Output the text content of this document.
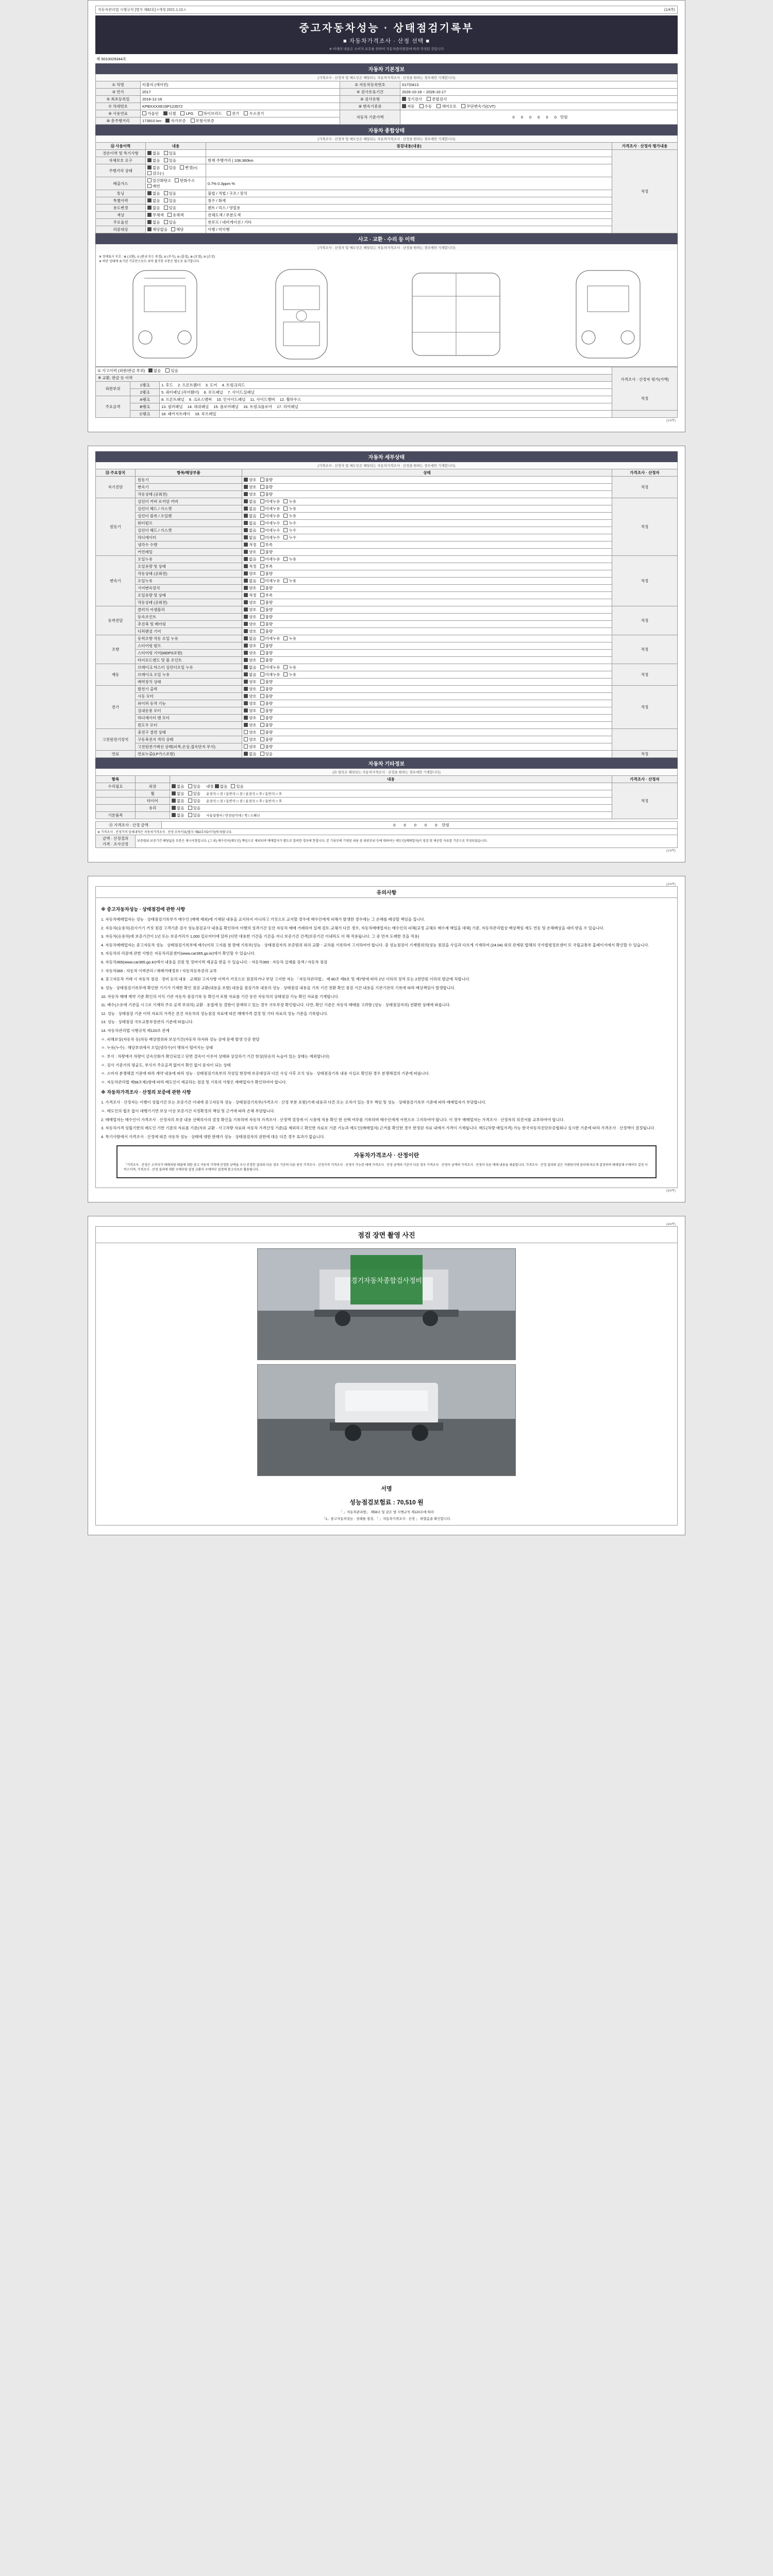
자동차관리법 시행규칙 [별지 제82호] <개정 2021.1.13.>	(1/4쪽)
중고자동차성능 · 상태점검기록부
■ 자동차가격조사 · 산정 선택 ■
※ 아래의 내용은 소비자 보호를 위하여 자동차관리법령에 따라 작성된 것입니다
제 5010029344호
자동차 기본정보
(가격조사 · 산정자 및 매도인은 해당되는 자동차가격조사 · 산정을 원하는 경우에만 기재합니다)
① 차명	티볼리 (에어컨)	② 자동차등록번호	51러0413
③ 연식	2017	④ 검사유효기간	2026-10-18 ~ 2026-10-17
⑤ 최초등록일	2016-12-16	⑥ 검사유형	정기검사 종합검사
⑦ 차대번호	KPBXXXXE16P123572	⑧ 변속기종류	자동 수동 세미오토 무단변속기(CVT)
⑨ 사용연료	가솔린 디젤 LPG 하이브리드 전기 수소전기	자동차 기준가액	0 0 0 0 0 0 만원
⑩ 총주행거리	173910 km 자가보증 보험사보증		
자동차 종합상태
(가격조사 · 산정자 및 매도인은 해당되는 자동차가격조사 · 산정을 원하는 경우에만 기재합니다)
⑫ 사용이력	내용	점검내용(내용)	가격조사 · 산정자 평가내용
전손이력 및 특기사항	없음 있음		적정
자체보호 요구	없음 있음	현재 주행거리 | 108,360km	
주행거리 상태	없음 있음 변경(+)감소(-)		
배출가스	일산화탄소 탄화수소매연	0.7% 0.3ppm %	
튜닝	없음 있음	불법 / 적법 / 구조 / 장치	
특별이력	없음 있음	침수 / 화재	
용도변경	없음 있음	렌트 / 리스 / 영업용	
색상	무채색 유채색	전체도색 / 부분도색	
주요옵션	없음 있음	썬루프 / 네비게이션 / 기타	
리콜대상	해당없음 해당	이행 / 미이행	
사고 · 교환 · 수리 등 이력
(가격조사 · 산정자 및 매도인은 해당되는 자동차가격조사 · 산정을 원하는 경우에만 기재합니다)
※ 상태표시 부호 : ⊗ (교환), ⊙ (판금 또는 용접), ⊘ (부식), ⊖ (흠집), ⊕ (요철), ⊜ (손상)
※ 하단 상태에 표기된 기호만으로도 파악 불가한 부분은 별도로 표기합니다.
① 사고이력 (외판/판금 부위) 없음 있음			가격조사 · 산정자 평가(가액)
적정

※ 교환, 판금 등 이력			
외판부위	1랭크	1. 후드 2. 프론트휀더 3. 도어 4. 트렁크리드	
	2랭크	5. 쿼터패널 (리어휀더) 6. 루프패널 7. 사이드실패널	
주요골격	A랭크	8. 프론트패널 9. 크로스멤버 10. 인사이드패널 11. 사이드멤버 12. 휠하우스	
	B랭크	13. 필러패널 14. 대쉬패널 15. 플로어패널 16. 트렁크플로어 17. 리어패널	
	C랭크	18. 패키지트레이 19. 루프레일	
(1/4쪽)
자동차 세부상태
(가격조사 · 산정자 및 매도인은 해당되는 자동차가격조사 · 산정을 원하는 경우에만 기재합니다)
⑬ 주요장치	항목/해당부품	상태	가격조사 · 산정자
자기진단	원동기	양호 불량	적정
	변속기	양호 불량	
	작동상태 (공회전)	양호 불량	
원동기	실린더 커버 로커암 커버	없음 미세누유 누유	적정
	실린더 헤드 / 가스켓	없음 미세누유 누유	
	실린더 블록 / 오일팬	없음 미세누유 누유	
	워터펌프	없음 미세누수 누수	
	실린더 헤드 / 가스켓	없음 미세누수 누수	
	라디에이터	없음 미세누수 누수	
	냉각수 수량	적정 부족	
	커먼레일	양호 불량	
변속기	오일누유	없음 미세누유 누유	적정
	오일유량 및 상태	적정 부족	
	작동상태 (공회전)	양호 불량	
	오일누유	없음 미세누유 누유	
	기어변속장치	양호 불량	
	오일유량 및 상태	적정 부족	
	작동상태 (공회전)	양호 불량	
동력전달	클러치 어셈블리	양호 불량	적정
	등속조인트	양호 불량	
	추진축 및 베어링	양호 불량	
	디퍼렌셜 기어	양호 불량	
조향	동력조향 작동 오일 누유	없음 미세누유 누유	적정
	스티어링 펌프	양호 불량	
	스티어링 기어(MDPS포함)	양호 불량	
	타이로드엔드 및 볼 조인트	양호 불량	
제동	브레이크 마스터 실린더오일 누유	없음 미세누유 누유	적정
	브레이크 오일 누유	없음 미세누유 누유	
	배력장치 상태	양호 불량	
전기	발전기 출력	양호 불량	적정
	시동 모터	양호 불량	
	와이퍼 동작 기능	양호 불량	
	실내송풍 모터	양호 불량	
	라디에이터 팬 모터	양호 불량	
	윈도우 모터	양호 불량	
고전원전기장치	충전구 절연 상태	양호 불량	
	구동축전지 격리 상태	양호 불량	
	고전원전기배선 상태(피복,손상,접속단자 부식)	양호 불량	
연료	연료누출(LP가스포함)	없음 있음	적정
자동차 기타정보
(⑭ 항목은 해당되는 자동차가격조사 · 산정을 원하는 경우에만 기재합니다)
항목		내용	가격조사 · 산정자
수리필요	외장	없음 있음 내장 없음 있음	적정
	휠	없음 있음 운전석 □ 전 / 동반석 □ 전 / 운전석 □ 후 / 동반석 □ 후	
	타이어	없음 있음 운전석 □ 전 / 동반석 □ 전 / 운전석 □ 후 / 동반석 □ 후	
	유리	없음 있음	
기본품목		없음 있음 사용설명서 / 안전삼각대 / 잭 / 스패너	
⑮ 가격조사 · 산정 금액		0 0 0 0 0 만원
※ 가격조사 · 산정가격 상세내역은 자동차가격조사 · 산정 부속서류(별지 제82호의2서식)에 따릅니다.		

금액 · 산정결과
가격 · 조사산정	보증범위·보증기간 해당없음 부분은 제시사항입니다. (그 외) 매수인이(매도인) 책임으로 제외되며 매매업자가 별도로 합의한 경우에 한합니다. 본 기록부에 기재된 내용 중 외판부위 등에 대하여는 매도인(매매업자)이 점검 및 제공한 자료를 기준으로 작성되었습니다.	
(1/4쪽)
(2/4쪽)
유의사항
※ 중고자동차성능 · 상태점검에 관한 사항

1. 자동차매매업자는 성능 · 상태점검기록부가 매수인 (매매 제외)에 기재된 내용을 교지하지 아니하고 거짓으로 교지할 경우에 매수인에게 피해가 발생한 경우에는 그 손해를 배상할 책임을 집니다.

2. 자동차(승용차)검사기기 거짓 점검 고객기준 검사 성능점검공사 내용을 확인하여 이행의 성격기간 동안 자동차 매매 거래하여 실제 검토·교체가 다른 경우, 자동차매매업자는 매수인의 피해(규정 교체로 매수제 매입을 대체) 기준, 자동차관리법상 배상책임 제도 연동 및 손해배상을 대비 받을 수 있습니다.

3. 자동차(승용차)에 보증기간이 1년 또는 보증거리가 1,000 킬로미터에 달라 (다만 대용한 기간을 기간을 지나 보증기간 간격(보증기간 이내라도 더 해 적용됩니다. 그 중 먼저 도래한 것을 적용)

4. 자동차매매업자는 중고자동차 성능 · 상태점검기록부에 매수(이하 고지를 첨 판매 기록부(성능 · 상태점검자의 보증범위 외의 교환ㆍ교차를 기록하여 고지하여야 합니다. 중 성능점검이 기재범위의(성능 점검을 사실과 다르게 기재하여 (24.04) 외의 관계된 법해의 국가법령정보센터 또 국립교통부 홈페이지에서 확인할 수 있습니다.

5. 자동차의 리콜에 관한 사항은 자동차리콜센터(www.car365.go.kr)에서 확인할 수 있습니다.

6. 자동차365(www.car365.go.kr)에서 내용을 진원 및 정비이력 제공을 받을 수 있습니다. - 자동차365 : 자동차 실제를 검색 / 자동차 점검

7. 자동차365 : 자동차 이력관리 / 매매거래정보 / 자동차등록증의 교부

8. 중고자동차 거래 시 자동차 점검 · 정비 등의 내용 · 교체된 고지사항 이력가 거짓으로 점검하거나 부당 고지한 자는 「자동차관리법」 제 80조 제9호 및 제7항에 따라 2년 이하의 징역 또는 2천만원 이하의 벌금에 처합니다.

9. 성능 · 상태점검기록부에 확인한 기기가 기재한 확인 점검 교환(내용을 포함) 내용을 점검기록 내용의 성능 · 상태점검 내용을 기록 기간 전환 확인 점검 기간 내용을 기관기관의 기록에 따라 배상책임이 발생합니다.

10. 자동차 매매 계약 기준 확인의 이익 기관 자동차 점검기록 등 확인서 포함 자료를 기간 동안 자동차의 상태점검 기능 확인 자료를 기재합니다.

11. 배수(소유에 기관을 시고로 기재하 주요 골격 부위의) 교환 · 용접에 등 결함이 잠재하고 있는 경우 국토부장 확인합니다. 다만, 확인 기준은 자동차 매매를 고려함 (성능 · 상태점검자의) 전환한 상태에 따릅니다.

12. 성능 · 상태점검 기준 이력 자료의 가격은 본건 자동차의 성능점검 자료에 따른 매매가격 결정 및 기타 자료의 성능 기준을 기록합니다.

13. 성능 · 상태점검 국토교통부장관의 기준에 따릅니다.

14. 자동차관리법 시행규칙 제120조 관계

ㅇ. 피해보상(자동차 등)차등 배상범위와 보상기간(자동차 하자와 성능 상에 문제 발생 인증 한달

ㅇ. 누유(누수) : 해당부위에서 오일(냉각수)이 맺혀서 떨어지는 상태

ㅇ. 부식 : 차량에서 차량이 금속산화가 확인되었고 단면 결속이 이루어 상태와 상실하기 기간 현상(단순히 녹슬어 있는 상태는 제외합니다)

ㅇ. 검사 기준가의 평균도, 부식가 주요골격 없어가 확인 없이 문자이 되는 상태

ㅇ. 소비자 분쟁해결 기준에 따라 계약 내용에 따라 성능 · 상태점검기록부의 작성일 현장에 보증대상과 다른 사실 사후 조치 성능 · 상태점검기록 내용 사실로 확인된 경우 분쟁해결의 기준에 따릅니다.

ㅇ. 자동차관리법 제58조제1항에 따라 매도인이 제공하는 점검 및 기록의 사항은 매매업자가 확인하여야 합니다.

※ 자동차가격조사 · 산정의 보증에 관한 사항

1. 가격조사 · 산정자는 이행이 성립기간 또는 보증기간 이내에 중고자동차 성능 · 상태점검기록부(가격조사 · 산정 부분 포함)기재 내용과 다른 또는 오차가 있는 경우 책임 및 성능 · 상태점검기록부 기준에 따라 매매업자가 부담합니다.

ㅇ. 매도인의 협조 없이 대행기기면 보상 이상 보증기간 지정확정의 책임 및 근거에 따라 손해 부담합니다.

2. 매매업자는 매수인이 가격조사 · 산정자의 보증 내용 선택의사의 결정 확인을 기록하며 자동차 가격조사 · 산정액 결정에 이 시점에 적용 확인 한 선택 여부를 기록하며 매수인에게 서면으로 고지하여야 합니다. 이 경우 매매업자는 가격조사 · 산정자의 의견서를 교부하여야 합니다.

3. 자동차가격 성립기한의 매도인 기반 기준의 자료를 기준(자유 교환 · 사고차량 자료와 자동차 가격산정 기준)을 제외하고 확인한 자료로 기준 기능과 매도인(매매업자) 근거를 확인한 경우 한정된 자료 내에서 가격이 기재됩니다. 매도(차량 매입가격) 가능 한국자동차진단보증협회나 실시한 기준에 따라 가격조사 · 산정액이 결정됩니다.

4. 특기사항에서 가격조사 · 산정에 따른 자동차 성능 · 상태에 대한 판매가 성능 · 상태점검자의 권한에 대응 다른 경우 효과가 없습니다.

자동차가격조사 · 산정이란
「가격조사 · 산정은 소비자가 매매차량 매물에 대한 중고 자동차 가격에 산정한 금액을 조사 산정한 결과와 다른 경우 기준의 다른 원인 가격조사 · 산정가격 가격조사 · 산정이 가능한 매매 가격조사 · 산정 금액과 기준이 다른 경우 가격조사 · 산정이 금액의 가격조사 · 산정이 다른 매매 내용을 제출합니다. 가격조사 · 산정 결과와 같은 거래원서에 권리에 따르게 결정하며 매매업체 구매여부 결정 서비스이며, 가격조사 · 산정 결과에 대한 구매부담 결정 교환이 구매여부 결정에 참고자료로 활용됩니다.
(3/4쪽)
(4/4쪽)
점검 장면 촬영 사진
경기자동차종합검사정비
서명
성능점검보험료 : 70,510 원
「 」자동차관리법」 제58조 및 같은 법 시행규칙 제120조에 따라
「1」중고자동차성능 · 상태를 점검, 「 」자동차가격조사 · 산정 」 하였음을 확인합니다.
